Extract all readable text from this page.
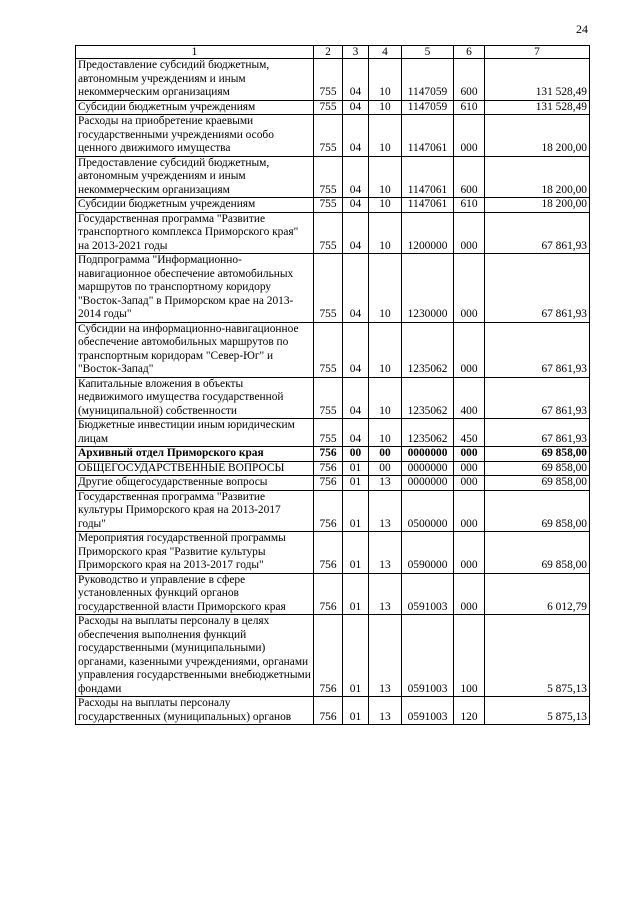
24
1	2	3	4	5	6	7
Предоставление субсидий бюджетным, автономным учреждениям и иным некоммерческим организациям	755	04	10	1147059	600	131 528,49
Субсидии бюджетным учреждениям	755	04	10	1147059	610	131 528,49
Расходы на приобретение краевыми государственными учреждениями особо ценного движимого имущества	755	04	10	1147061	000	18 200,00
Предоставление субсидий бюджетным, автономным учреждениям и иным некоммерческим организациям	755	04	10	1147061	600	18 200,00
Субсидии бюджетным учреждениям	755	04	10	1147061	610	18 200,00
Государственная программа "Развитие транспортного комплекса Приморского края" на 2013-2021 годы	755	04	10	1200000	000	67 861,93
Подпрограмма "Информационно-навигационное обеспечение автомобильных маршрутов по транспортному коридору "Восток-Запад" в Приморском крае на 2013-2014 годы"	755	04	10	1230000	000	67 861,93
Субсидии на информационно-навигационное обеспечение автомобильных маршрутов по транспортным коридорам "Север-Юг" и "Восток-Запад"	755	04	10	1235062	000	67 861,93
Капитальные вложения в объекты недвижимого имущества государственной (муниципальной) собственности	755	04	10	1235062	400	67 861,93
Бюджетные инвестиции иным юридическим лицам	755	04	10	1235062	450	67 861,93
Архивный отдел Приморского края	756	00	00	0000000	000	69 858,00
ОБЩЕГОСУДАРСТВЕННЫЕ ВОПРОСЫ	756	01	00	0000000	000	69 858,00
Другие общегосударственные вопросы	756	01	13	0000000	000	69 858,00
Государственная программа "Развитие культуры Приморского края на 2013-2017 годы"	756	01	13	0500000	000	69 858,00
Мероприятия государственной программы Приморского края "Развитие культуры Приморского края на 2013-2017 годы"	756	01	13	0590000	000	69 858,00
Руководство и управление в сфере установленных функций органов государственной власти Приморского края	756	01	13	0591003	000	6 012,79
Расходы на выплаты персоналу в целях обеспечения выполнения функций государственными (муниципальными) органами, казенными учреждениями, органами управления государственными внебюджетными фондами	756	01	13	0591003	100	5 875,13
Расходы на выплаты персоналу государственных (муниципальных) органов	756	01	13	0591003	120	5 875,13
